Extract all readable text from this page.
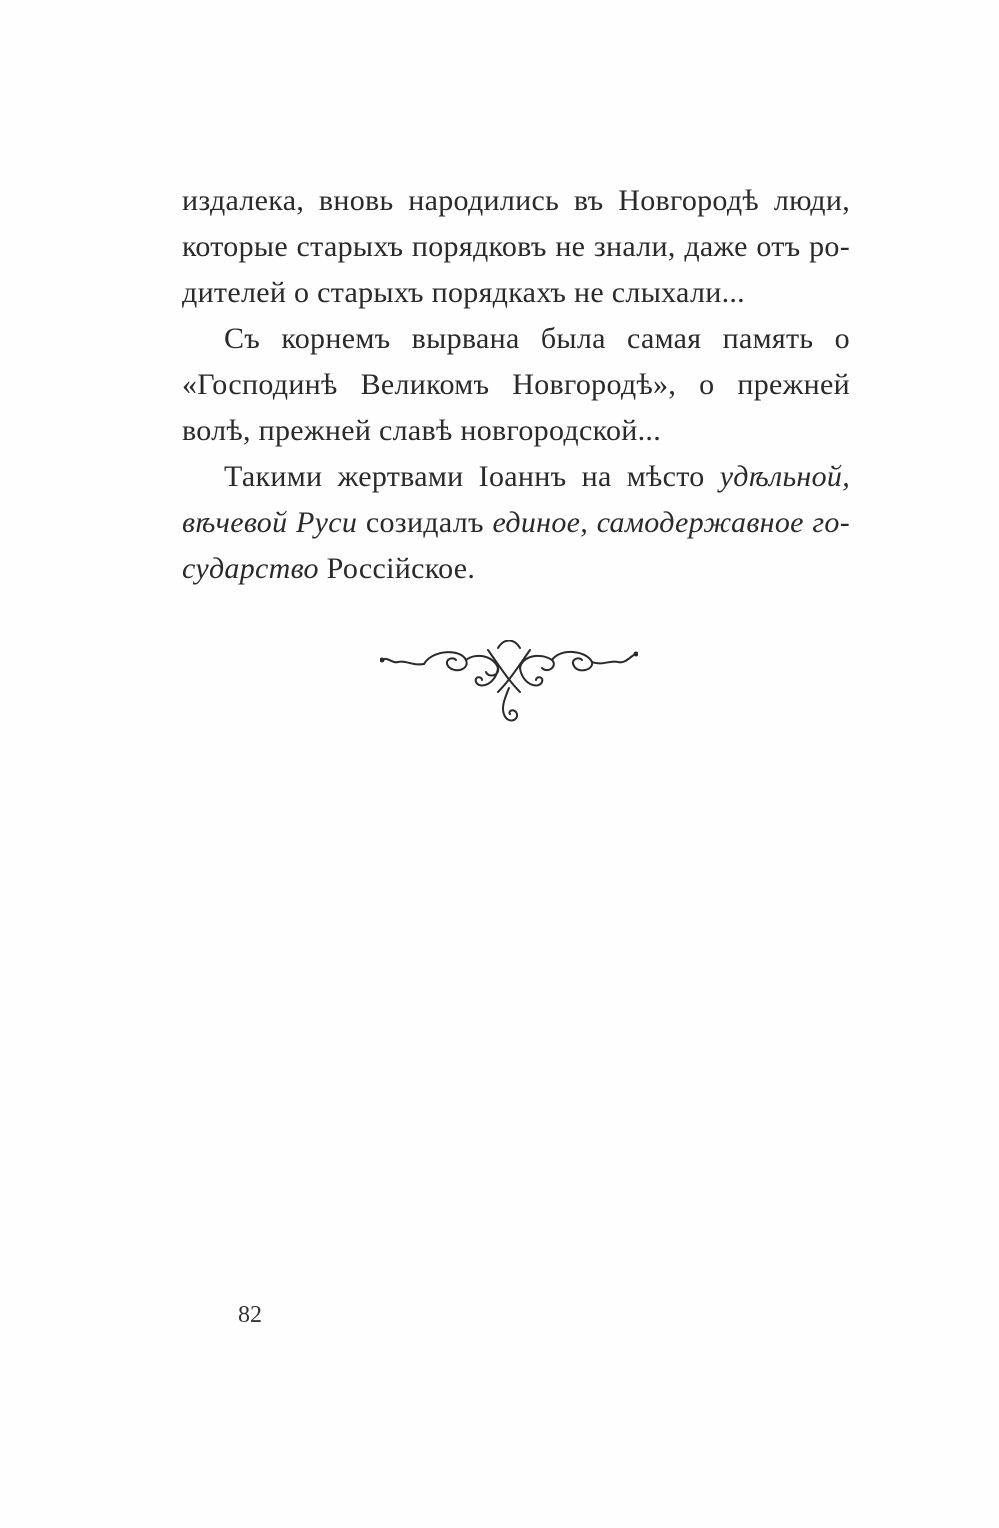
издалека, вновь народились въ Новгородѣ люди,
которые старыхъ порядковъ не знали, даже отъ ро-
дителей о старыхъ порядкахъ не слыхали...
Съ корнемъ вырвана была самая память о
«Господинѣ Великомъ Новгородѣ», о прежней
волѣ, прежней славѣ новгородской...
Такими жертвами Іоаннъ на мѣсто удѣльной,
вѣчевой Руси созидалъ единое, самодержавное го-
сударство Россійское.
82
